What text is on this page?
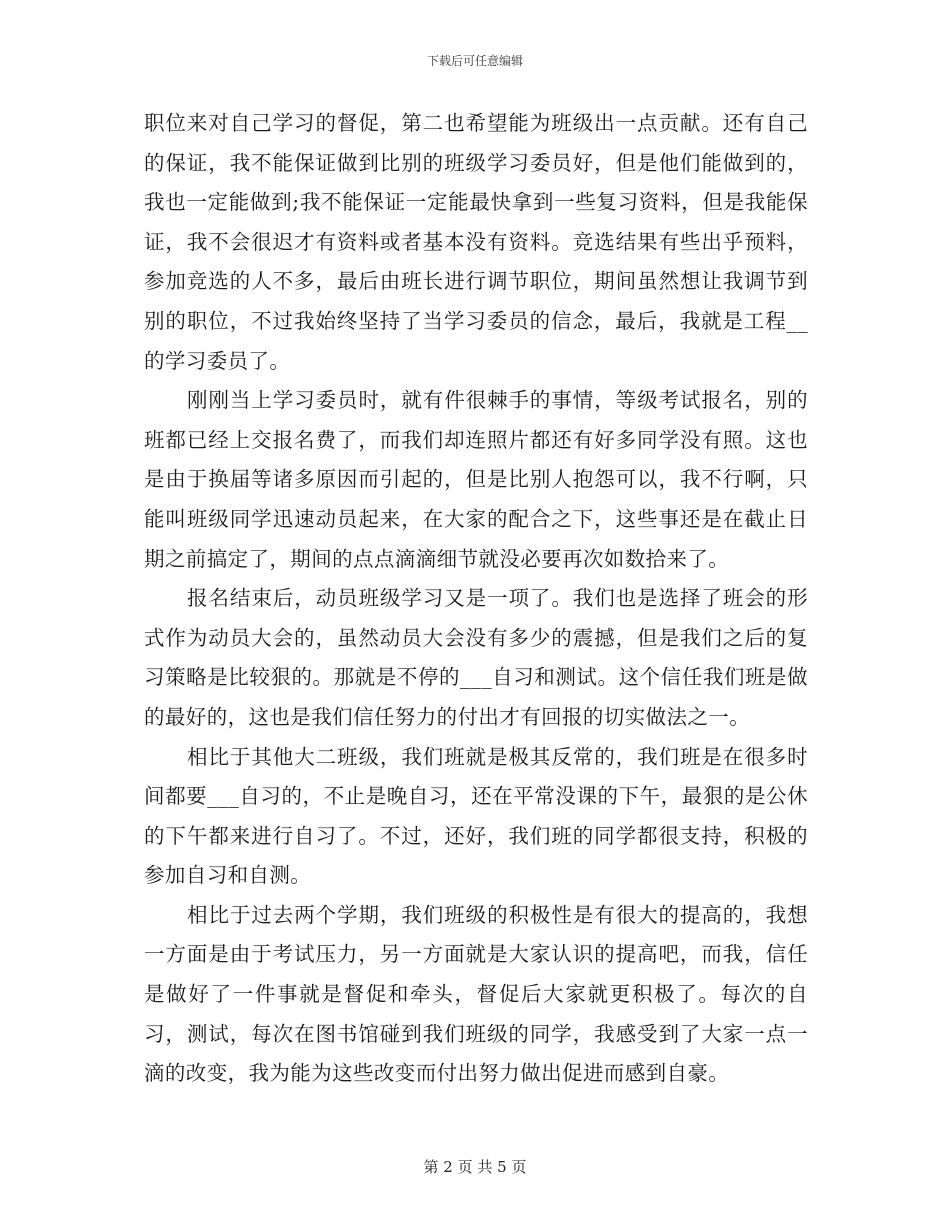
下载后可任意编辑

职位来对自己学习的督促，第二也希望能为班级出一点贡献。还有自己的保证，我不能保证做到比别的班级学习委员好，但是他们能做到的，我也一定能做到;我不能保证一定能最快拿到一些复习资料，但是我能保证，我不会很迟才有资料或者基本没有资料。竞选结果有些出乎预料，参加竞选的人不多，最后由班长进行调节职位，期间虽然想让我调节到别的职位，不过我始终坚持了当学习委员的信念，最后，我就是工程__的学习委员了。

刚刚当上学习委员时，就有件很棘手的事情，等级考试报名，别的班都已经上交报名费了，而我们却连照片都还有好多同学没有照。这也是由于换届等诸多原因而引起的，但是比别人抱怨可以，我不行啊，只能叫班级同学迅速动员起来，在大家的配合之下，这些事还是在截止日期之前搞定了，期间的点点滴滴细节就没必要再次如数拾来了。

报名结束后，动员班级学习又是一项了。我们也是选择了班会的形式作为动员大会的，虽然动员大会没有多少的震撼，但是我们之后的复习策略是比较狠的。那就是不停的___自习和测试。这个信任我们班是做的最好的，这也是我们信任努力的付出才有回报的切实做法之一。

相比于其他大二班级，我们班就是极其反常的，我们班是在很多时间都要___自习的，不止是晚自习，还在平常没课的下午，最狠的是公休的下午都来进行自习了。不过，还好，我们班的同学都很支持，积极的参加自习和自测。

相比于过去两个学期，我们班级的积极性是有很大的提高的，我想一方面是由于考试压力，另一方面就是大家认识的提高吧，而我，信任是做好了一件事就是督促和牵头，督促后大家就更积极了。每次的自习，测试，每次在图书馆碰到我们班级的同学，我感受到了大家一点一滴的改变，我为能为这些改变而付出努力做出促进而感到自豪。

第 2 页 共 5 页
